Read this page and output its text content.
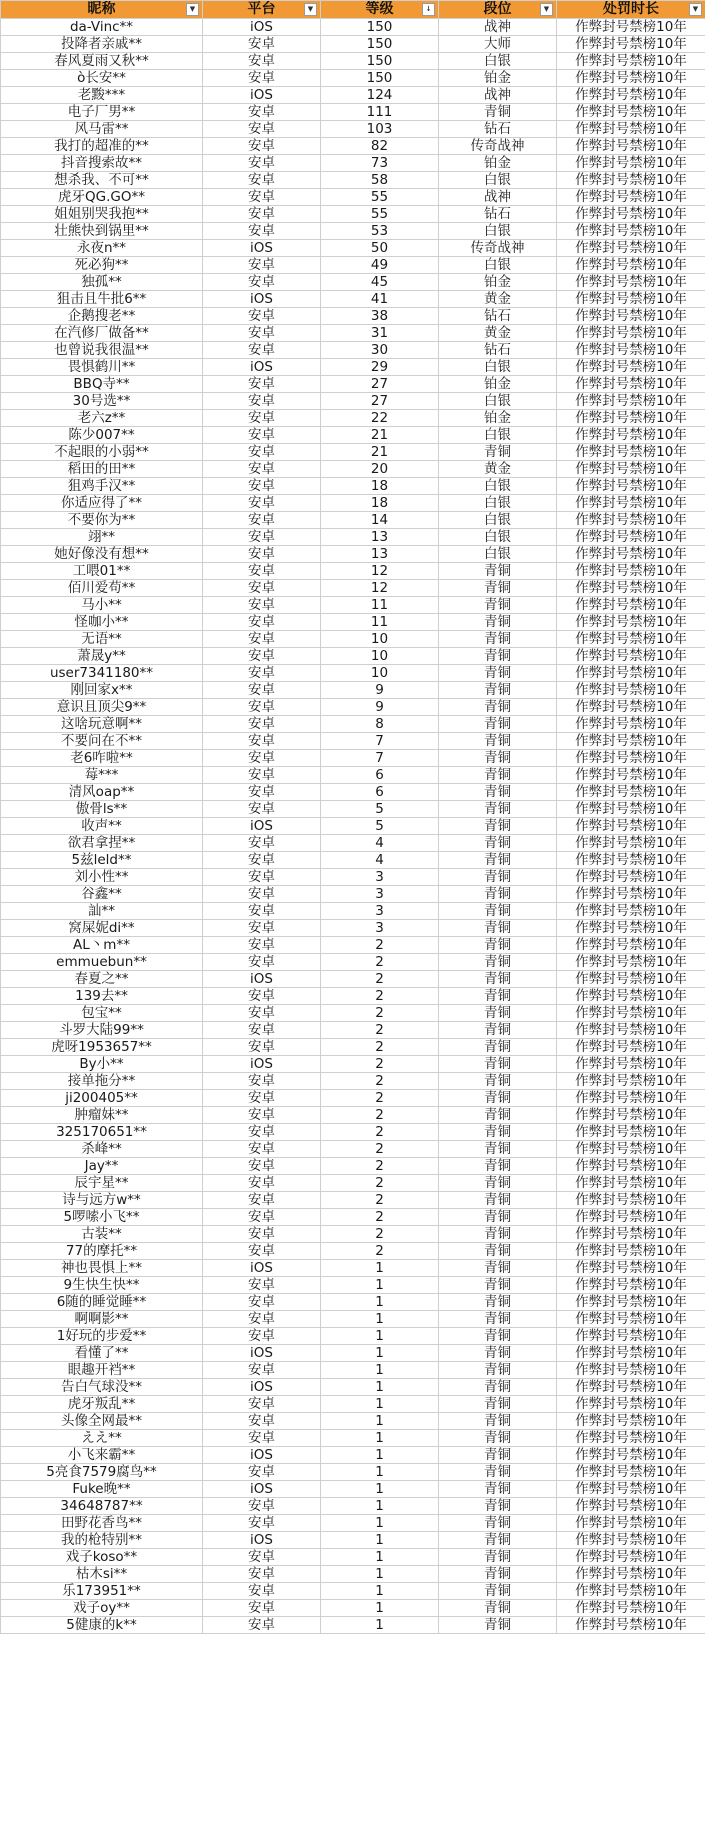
昵称 ▼	平台 ▼	等级 ↓	段位 ▼	处罚时长 ▼

da-Vinc**	iOS	150	战神	作弊封号禁榜10年
投降者亲戚**	安卓	150	大师	作弊封号禁榜10年
春风夏雨又秋**	安卓	150	白银	作弊封号禁榜10年
ὸ长安**	安卓	150	铂金	作弊封号禁榜10年
老黢***	iOS	124	战神	作弊封号禁榜10年
电子厂男**	安卓	111	青铜	作弊封号禁榜10年
风马雷**	安卓	103	钻石	作弊封号禁榜10年
我打的超准的**	安卓	82	传奇战神	作弊封号禁榜10年
抖音搜索故**	安卓	73	铂金	作弊封号禁榜10年
想杀我、不可**	安卓	58	白银	作弊封号禁榜10年
虎牙QG.GO**	安卓	55	战神	作弊封号禁榜10年
姐姐别哭我抱**	安卓	55	钻石	作弊封号禁榜10年
壮熊快到锅里**	安卓	53	白银	作弊封号禁榜10年
永夜n**	iOS	50	传奇战神	作弊封号禁榜10年
死必狗**	安卓	49	白银	作弊封号禁榜10年
独孤**	安卓	45	铂金	作弊封号禁榜10年
狙击且牛批6**	iOS	41	黄金	作弊封号禁榜10年
企鹅搜老**	安卓	38	钻石	作弊封号禁榜10年
在汽修厂做备**	安卓	31	黄金	作弊封号禁榜10年
也曾说我很温**	安卓	30	钻石	作弊封号禁榜10年
畏惧鹤川**	iOS	29	白银	作弊封号禁榜10年
BBQ寺**	安卓	27	铂金	作弊封号禁榜10年
30号选**	安卓	27	白银	作弊封号禁榜10年
老六z**	安卓	22	铂金	作弊封号禁榜10年
陈少007**	安卓	21	白银	作弊封号禁榜10年
不起眼的小弱**	安卓	21	青铜	作弊封号禁榜10年
稻田的田**	安卓	20	黄金	作弊封号禁榜10年
狙鸡手汉**	安卓	18	白银	作弊封号禁榜10年
你适应得了**	安卓	18	白银	作弊封号禁榜10年
不要你为**	安卓	14	白银	作弊封号禁榜10年
翊**	安卓	13	白银	作弊封号禁榜10年
她好像没有想**	安卓	13	白银	作弊封号禁榜10年
工喂01**	安卓	12	青铜	作弊封号禁榜10年
佰川爱苟**	安卓	12	青铜	作弊封号禁榜10年
马小**	安卓	11	青铜	作弊封号禁榜10年
怪咖小**	安卓	11	青铜	作弊封号禁榜10年
无语**	安卓	10	青铜	作弊封号禁榜10年
萧晟y**	安卓	10	青铜	作弊封号禁榜10年
user7341180**	安卓	10	青铜	作弊封号禁榜10年
刚回家x**	安卓	9	青铜	作弊封号禁榜10年
意识且顶尖9**	安卓	9	青铜	作弊封号禁榜10年
这啥玩意啊**	安卓	8	青铜	作弊封号禁榜10年
不要问在不**	安卓	7	青铜	作弊封号禁榜10年
老6咋啦**	安卓	7	青铜	作弊封号禁榜10年
莓***	安卓	6	青铜	作弊封号禁榜10年
清风oap**	安卓	6	青铜	作弊封号禁榜10年
傲骨ls**	安卓	5	青铜	作弊封号禁榜10年
收声**	iOS	5	青铜	作弊封号禁榜10年
欲君拿捏**	安卓	4	青铜	作弊封号禁榜10年
5兹leld**	安卓	4	青铜	作弊封号禁榜10年
刘小性**	安卓	3	青铜	作弊封号禁榜10年
谷鑫**	安卓	3	青铜	作弊封号禁榜10年
訕**	安卓	3	青铜	作弊封号禁榜10年
窝屎妮di**	安卓	3	青铜	作弊封号禁榜10年
AL丶m**	安卓	2	青铜	作弊封号禁榜10年
emmuebun**	安卓	2	青铜	作弊封号禁榜10年
春夏之**	iOS	2	青铜	作弊封号禁榜10年
139去**	安卓	2	青铜	作弊封号禁榜10年
包宝**	安卓	2	青铜	作弊封号禁榜10年
斗罗大陆99**	安卓	2	青铜	作弊封号禁榜10年
虎呀1953657**	安卓	2	青铜	作弊封号禁榜10年
By小**	iOS	2	青铜	作弊封号禁榜10年
接单拖分**	安卓	2	青铜	作弊封号禁榜10年
ji200405**	安卓	2	青铜	作弊封号禁榜10年
肿瘤妹**	安卓	2	青铜	作弊封号禁榜10年
325170651**	安卓	2	青铜	作弊封号禁榜10年
杀峰**	安卓	2	青铜	作弊封号禁榜10年
Jay**	安卓	2	青铜	作弊封号禁榜10年
辰宇星**	安卓	2	青铜	作弊封号禁榜10年
诗与远方w**	安卓	2	青铜	作弊封号禁榜10年
5啰嗦小飞**	安卓	2	青铜	作弊封号禁榜10年
古装**	安卓	2	青铜	作弊封号禁榜10年
77的摩托**	安卓	2	青铜	作弊封号禁榜10年
神也畏惧上**	iOS	1	青铜	作弊封号禁榜10年
9生快生快**	安卓	1	青铜	作弊封号禁榜10年
6随的睡觉睡**	安卓	1	青铜	作弊封号禁榜10年
啊啊影**	安卓	1	青铜	作弊封号禁榜10年
1好玩的步爱**	安卓	1	青铜	作弊封号禁榜10年
看懂了**	iOS	1	青铜	作弊封号禁榜10年
眼趣开裆**	安卓	1	青铜	作弊封号禁榜10年
告白气球没**	iOS	1	青铜	作弊封号禁榜10年
虎牙叛乱**	安卓	1	青铜	作弊封号禁榜10年
头像全网最**	安卓	1	青铜	作弊封号禁榜10年
ええ**	安卓	1	青铜	作弊封号禁榜10年
小飞来霸**	iOS	1	青铜	作弊封号禁榜10年
5亮食7579腐鸟**	安卓	1	青铜	作弊封号禁榜10年
Fuke晚**	iOS	1	青铜	作弊封号禁榜10年
34648787**	安卓	1	青铜	作弊封号禁榜10年
田野花香鸟**	安卓	1	青铜	作弊封号禁榜10年
我的枪特别**	iOS	1	青铜	作弊封号禁榜10年
戏子koso**	安卓	1	青铜	作弊封号禁榜10年
枯木si**	安卓	1	青铜	作弊封号禁榜10年
乐173951**	安卓	1	青铜	作弊封号禁榜10年
戏子oy**	安卓	1	青铜	作弊封号禁榜10年
5健康的k**	安卓	1	青铜	作弊封号禁榜10年
